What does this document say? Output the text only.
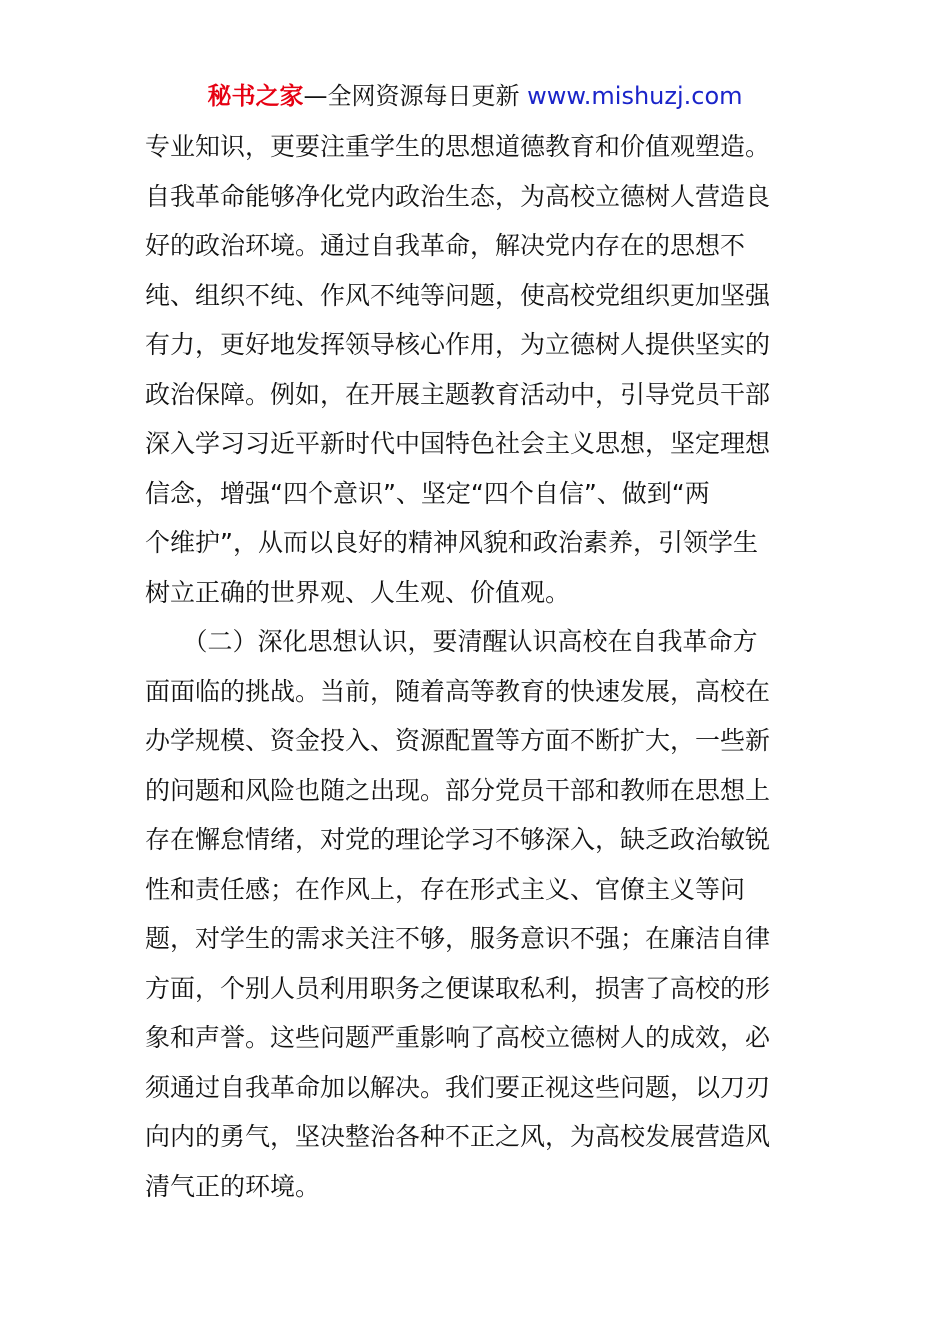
秘书之家—全网资源每日更新 www.mishuzj.com
专业知识，更要注重学生的思想道德教育和价值观塑造。
自我革命能够净化党内政治生态，为高校立德树人营造良
好的政治环境。通过自我革命，解决党内存在的思想不
纯、组织不纯、作风不纯等问题，使高校党组织更加坚强
有力，更好地发挥领导核心作用，为立德树人提供坚实的
政治保障。例如，在开展主题教育活动中，引导党员干部
深入学习习近平新时代中国特色社会主义思想，坚定理想
信念，增强“四个意识”、坚定“四个自信”、做到“两
个维护”，从而以良好的精神风貌和政治素养，引领学生
树立正确的世界观、人生观、价值观。
　　（二）深化思想认识，要清醒认识高校在自我革命方
面面临的挑战。当前，随着高等教育的快速发展，高校在
办学规模、资金投入、资源配置等方面不断扩大，一些新
的问题和风险也随之出现。部分党员干部和教师在思想上
存在懈怠情绪，对党的理论学习不够深入，缺乏政治敏锐
性和责任感；在作风上，存在形式主义、官僚主义等问
题，对学生的需求关注不够，服务意识不强；在廉洁自律
方面，个别人员利用职务之便谋取私利，损害了高校的形
象和声誉。这些问题严重影响了高校立德树人的成效，必
须通过自我革命加以解决。我们要正视这些问题，以刀刃
向内的勇气，坚决整治各种不正之风，为高校发展营造风
清气正的环境。
